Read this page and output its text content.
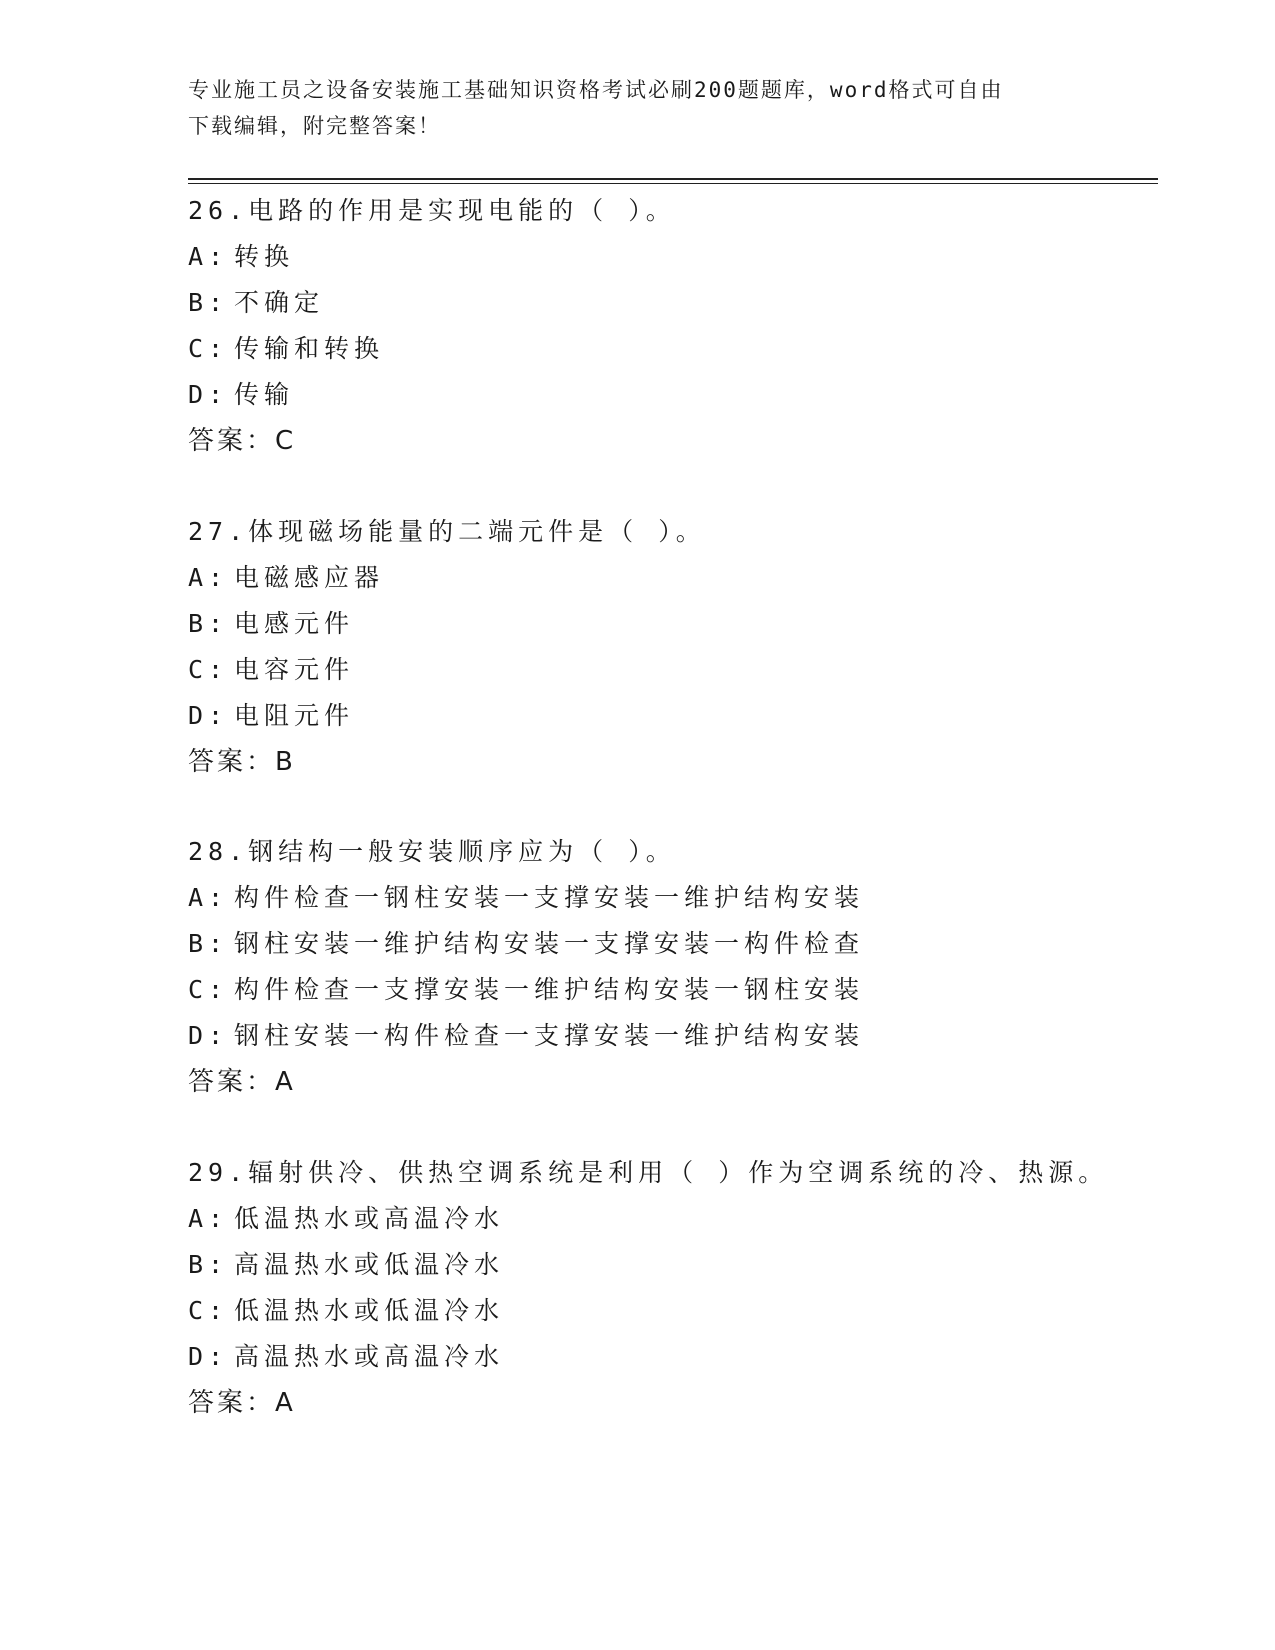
专业施工员之设备安装施工基础知识资格考试必刷200题题库，word格式可自由
下载编辑，附完整答案！
26.电路的作用是实现电能的（ ）。
A: 转换
B: 不确定
C: 传输和转换
D: 传输
答案：C
27.体现磁场能量的二端元件是（ ）。
A: 电磁感应器
B: 电感元件
C: 电容元件
D: 电阻元件
答案：B
28.钢结构一般安装顺序应为（ ）。
A: 构件检查一钢柱安装一支撑安装一维护结构安装
B: 钢柱安装一维护结构安装一支撑安装一构件检查
C: 构件检查一支撑安装一维护结构安装一钢柱安装
D: 钢柱安装一构件检查一支撑安装一维护结构安装
答案：A
29.辐射供冷、供热空调系统是利用（ ）作为空调系统的冷、热源。
A: 低温热水或高温冷水
B: 高温热水或低温冷水
C: 低温热水或低温冷水
D: 高温热水或高温冷水
答案：A
